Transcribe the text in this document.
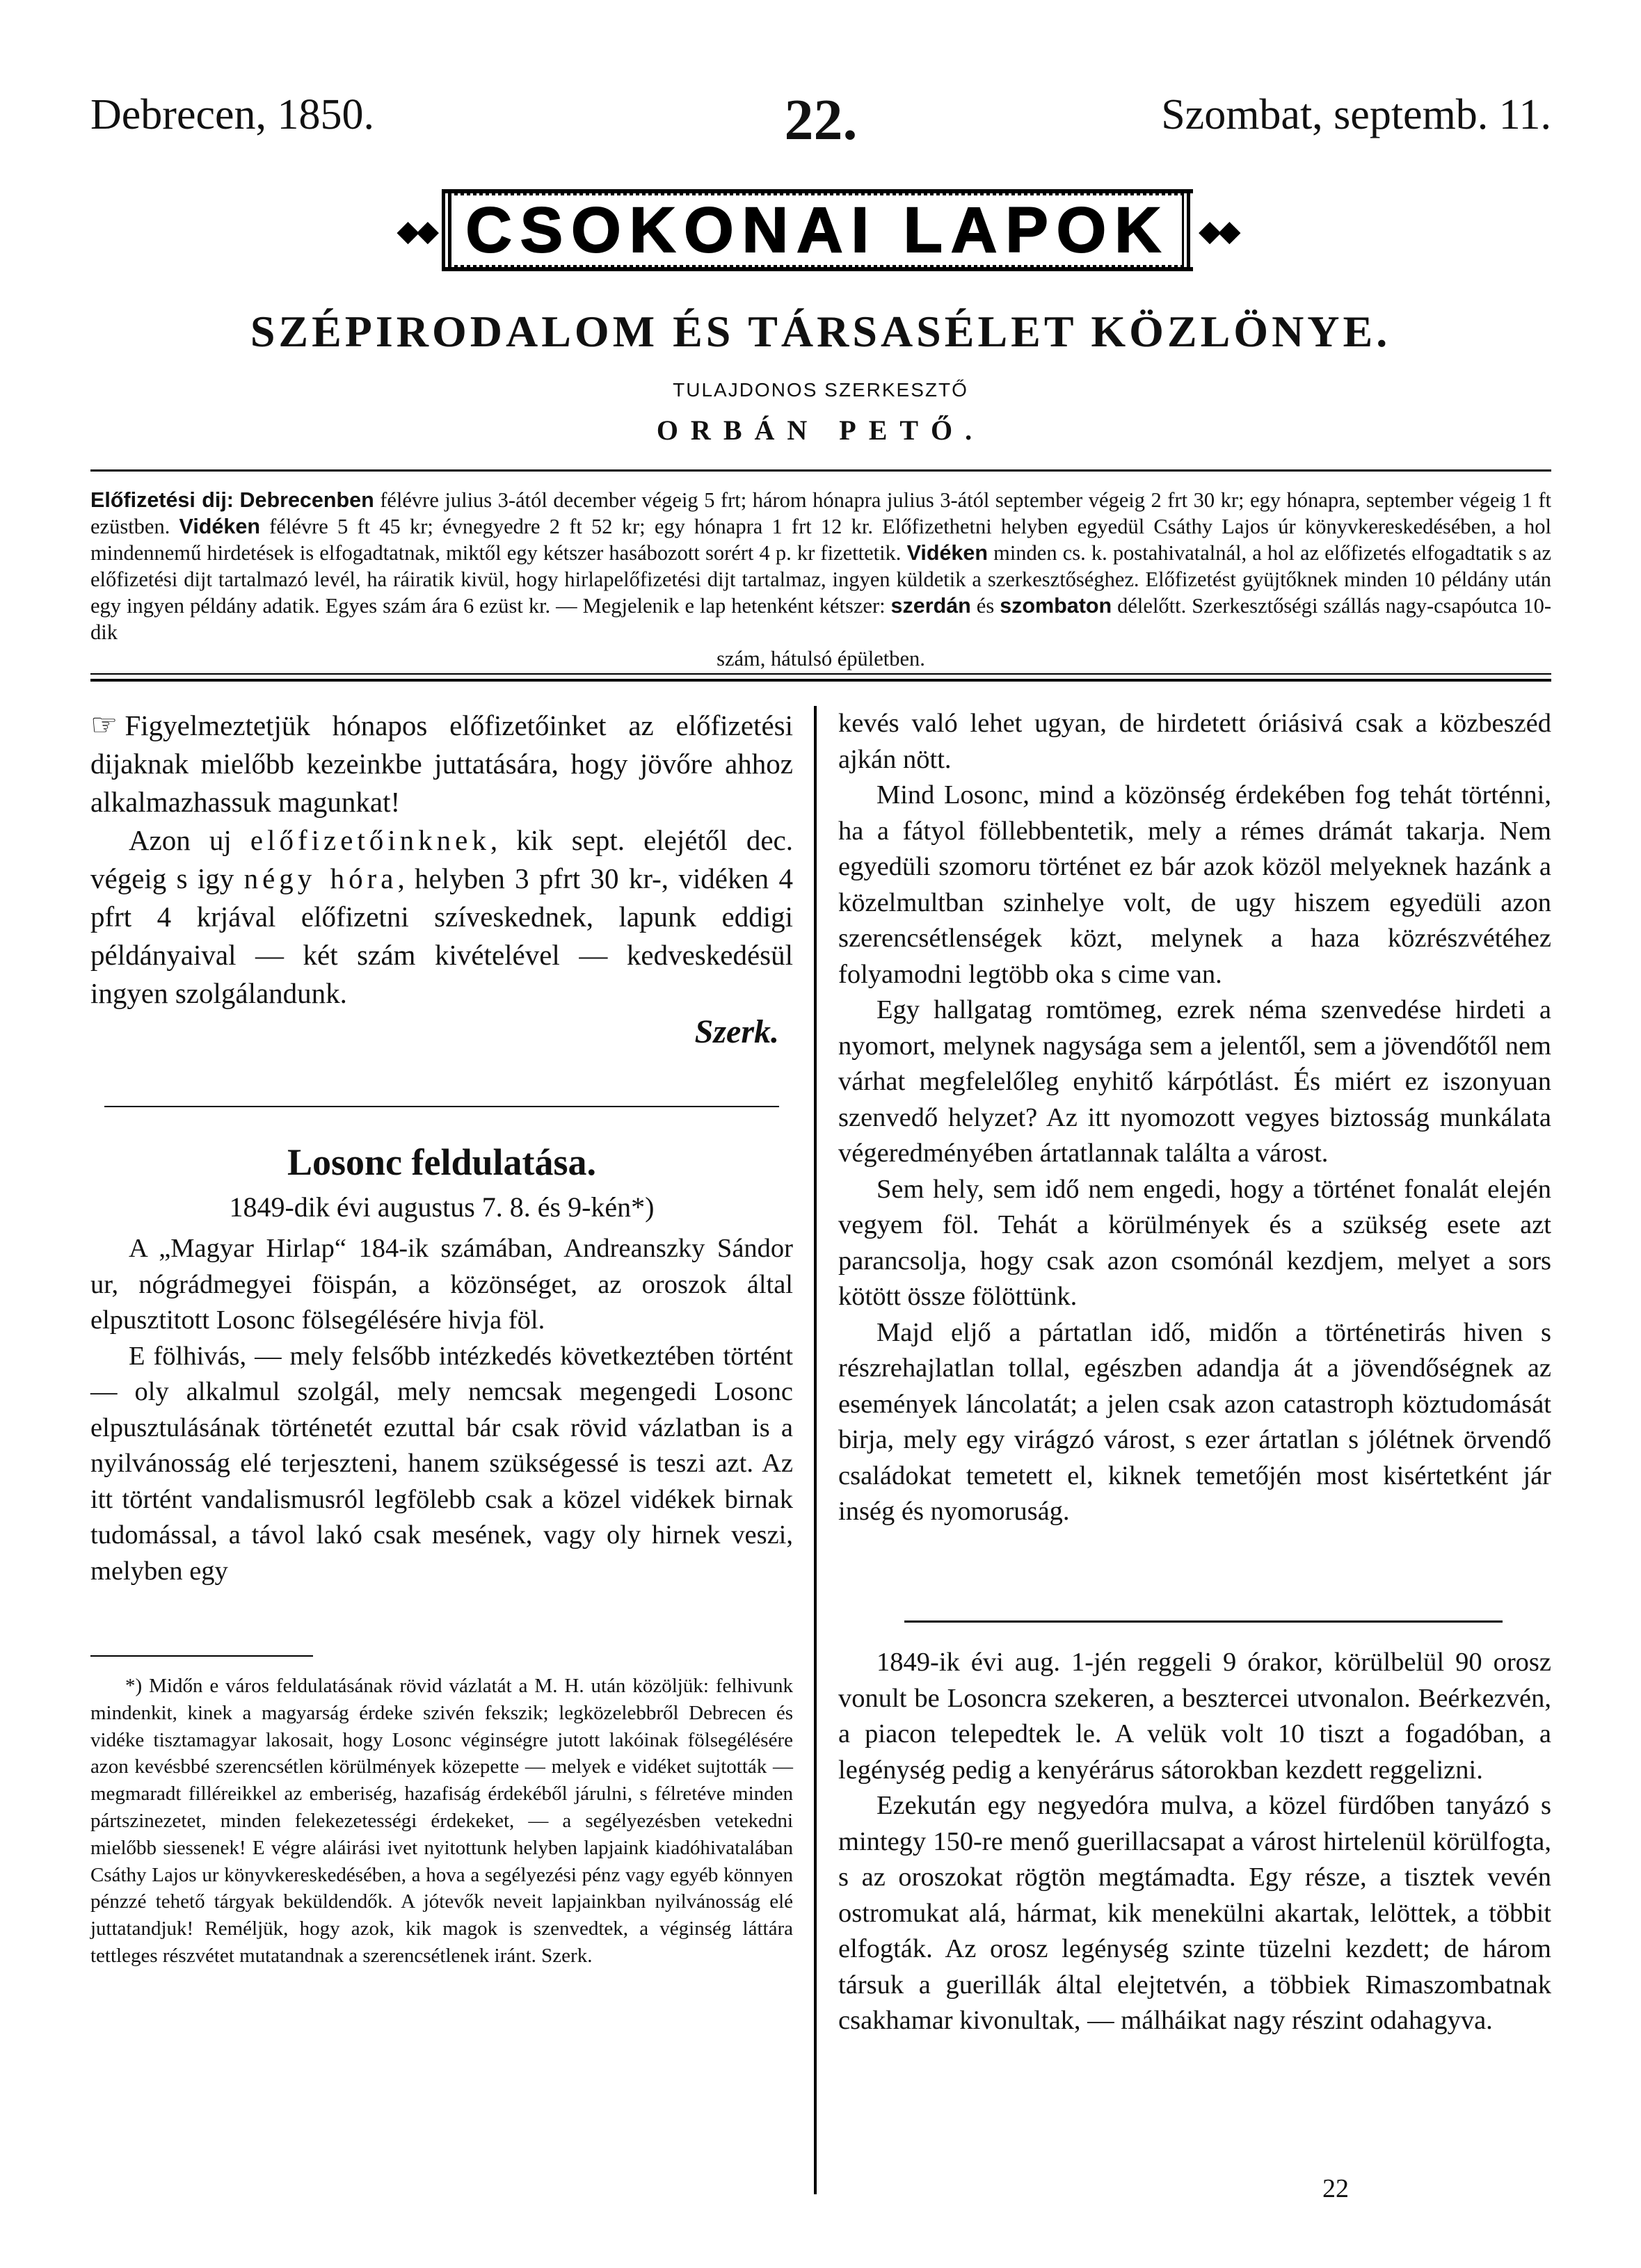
Debrecen, 1850.	22.	Szombat, septemb. 11.
◆◆ CSOKONAI LAPOK	◆◆
SZÉPIRODALOM ÉS TÁRSASÉLET KÖZLÖNYE.
TULAJDONOS SZERKESZTŐ
ORBÁN PETŐ.
Előfizetési dij: Debrecenben félévre julius 3-ától december végeig 5 frt; három hónapra julius 3-ától september végeig 2 frt 30 kr; egy hónapra, september végeig 1 ft ezüstben. Vidéken félévre 5 ft 45 kr; évnegyedre 2 ft 52 kr; egy hónapra 1 frt 12 kr. Előfizethetni helyben egyedül Csáthy Lajos úr könyvkereskedésében, a hol mindennemű hirdetések is elfogadtatnak, miktől egy kétszer hasábozott sorért 4 p. kr fizettetik. Vidéken minden cs. k. postahivatalnál, a hol az előfizetés elfogadtatik s az előfizetési dijt tartalmazó levél, ha ráiratik kivül, hogy hirlapelőfizetési dijt tartalmaz, ingyen küldetik a szerkesztőséghez. Előfizetést gyüjtőknek minden 10 példány után egy ingyen példány adatik. Egyes szám ára 6 ezüst kr. — Megjelenik e lap hetenként kétszer: szerdán és szombaton délelőtt. Szerkesztőségi szállás nagy-csapóutca 10-dik
szám, hátulsó épületben.

☞ Figyelmeztetjük hónapos előfizetőinket az előfizetési dijaknak mielőbb kezeinkbe juttatására, hogy jövőre ahhoz alkalmazhassuk magunkat!

Azon uj előfizetőinknek, kik sept. elejétől dec. végeig s igy négy hóra, helyben 3 pfrt 30 kr-, vidéken 4 pfrt 4 krjával előfizetni szíveskednek, lapunk eddigi példányaival — két szám kivételével — kedveskedésül ingyen szolgálandunk.

Szerk.

Losonc feldulatása.
1849-dik évi augustus 7. 8. és 9-kén*)

A „Magyar Hirlap“ 184-ik számában, Andreanszky Sándor ur, nógrádmegyei föispán, a közönséget, az oroszok által elpusztitott Losonc fölsegélésére hivja föl.

E fölhivás, — mely felsőbb intézkedés következtében történt — oly alkalmul szolgál, mely nemcsak megengedi Losonc elpusztulásának történetét ezuttal bár csak rövid vázlatban is a nyilvánosság elé terjeszteni, hanem szükségessé is teszi azt. Az itt történt vandalismusról legfölebb csak a közel vidékek birnak tudomással, a távol lakó csak mesének, vagy oly hirnek veszi, melyben egy

*) Midőn e város feldulatásának rövid vázlatát a M. H. után közöljük: felhivunk mindenkit, kinek a magyarság érdeke szivén fekszik; legközelebbről Debrecen és vidéke tisztamagyar lakosait, hogy Losonc véginségre jutott lakóinak fölsegélésére azon kevésbbé szerencsétlen körülmények közepette — melyek e vidéket sujtották — megmaradt filléreikkel az emberiség, hazafiság érdekéből járulni, s félretéve minden pártszinezetet, minden felekezetességi érdekeket, — a segélyezésben vetekedni mielőbb siessenek! E végre aláirási ivet nyitottunk helyben lapjaink kiadóhivatalában Csáthy Lajos ur könyvkereskedésében, a hova a segélyezési pénz vagy egyéb könnyen pénzzé tehető tárgyak beküldendők. A jótevők neveit lapjainkban nyilvánosság elé juttatandjuk! Reméljük, hogy azok, kik magok is szenvedtek, a véginség láttára tettleges részvétet mutatandnak a szerencsétlenek iránt. Szerk.

kevés való lehet ugyan, de hirdetett óriásivá csak a közbeszéd ajkán nött.

Mind Losonc, mind a közönség érdekében fog tehát történni, ha a fátyol föllebbentetik, mely a rémes drámát takarja. Nem egyedüli szomoru történet ez bár azok közöl melyeknek hazánk a közelmultban szinhelye volt, de ugy hiszem egyedüli azon szerencsétlenségek közt, melynek a haza közrészvétéhez folyamodni legtöbb oka s cime van.

Egy hallgatag romtömeg, ezrek néma szenvedése hirdeti a nyomort, melynek nagysága sem a jelentől, sem a jövendőtől nem várhat megfelelőleg enyhitő kárpótlást. És miért ez iszonyuan szenvedő helyzet? Az itt nyomozott vegyes biztosság munkálata végeredményében ártatlannak találta a várost.

Sem hely, sem idő nem engedi, hogy a történet fonalát elején vegyem föl. Tehát a körülmények és a szükség esete azt parancsolja, hogy csak azon csomónál kezdjem, melyet a sors kötött össze fölöttünk.

Majd eljő a pártatlan idő, midőn a történetirás hiven s részrehajlatlan tollal, egészben adandja át a jövendőségnek az események láncolatát; a jelen csak azon catastroph köztudomását birja, mely egy virágzó várost, s ezer ártatlan s jólétnek örvendő családokat temetett el, kiknek temetőjén most kisértetként jár inség és nyomoruság.

1849-ik évi aug. 1-jén reggeli 9 órakor, körülbelül 90 orosz vonult be Losoncra szekeren, a besztercei utvonalon. Beérkezvén, a piacon telepedtek le. A velük volt 10 tiszt a fogadóban, a legénység pedig a kenyérárus sátorokban kezdett reggelizni.

Ezekután egy negyedóra mulva, a közel fürdőben tanyázó s mintegy 150-re menő guerillacsapat a várost hirtelenül körülfogta, s az oroszokat rögtön megtámadta. Egy része, a tisztek vevén ostromukat alá, hármat, kik menekülni akartak, lelöttek, a többit elfogták. Az orosz legénység szinte tüzelni kezdett; de három társuk a guerillák által elejtetvén, a többiek Rimaszombatnak csakhamar kivonultak, — málháikat nagy részint odahagyva.

22
